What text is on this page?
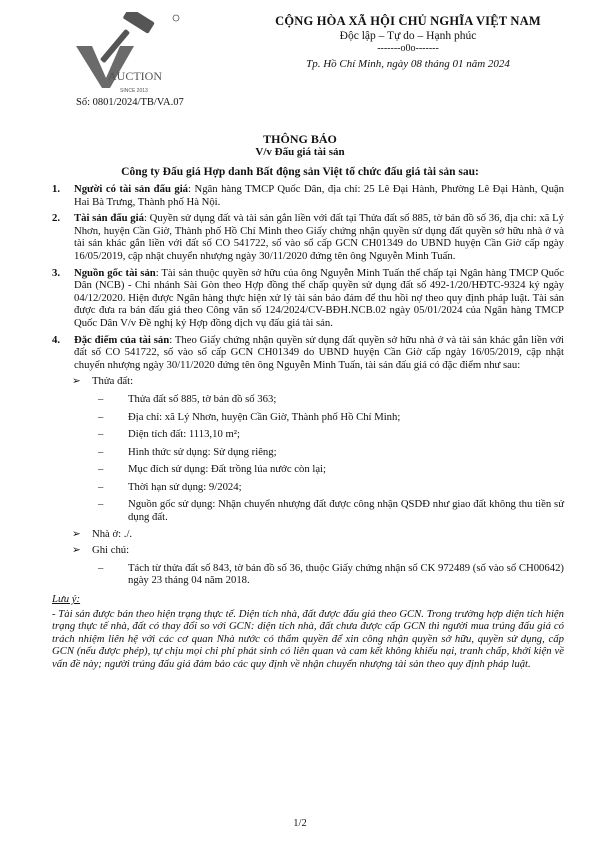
AUCTION
SINCE 2013
Số: 0801/2024/TB/VA.07
CỘNG HÒA XÃ HỘI CHỦ NGHĨA VIỆT NAM
Độc lập – Tự do – Hạnh phúc
-------o0o-------
Tp. Hồ Chí Minh, ngày 08 tháng 01 năm 2024
THÔNG BÁO
V/v Đấu giá tài sản
Công ty Đấu giá Hợp danh Bất động sản Việt tổ chức đấu giá tài sản sau:
1.	Người có tài sản đấu giá: Ngân hàng TMCP Quốc Dân, địa chỉ: 25 Lê Đại Hành, Phường Lê Đại Hành, Quận Hai Bà Trưng, Thành phố Hà Nội.
2.	Tài sản đấu giá: Quyền sử dụng đất và tài sản gắn liền với đất tại Thửa đất số 885, tờ bản đồ số 36, địa chỉ: xã Lý Nhơn, huyện Cần Giờ, Thành phố Hồ Chí Minh theo Giấy chứng nhận quyền sử dụng đất quyền sở hữu nhà ở và tài sản khác gắn liền với đất số CO 541722, số vào sổ cấp GCN CH01349 do UBND huyện Cần Giờ cấp ngày 16/05/2019, cập nhật chuyển nhượng ngày 30/11/2020 đứng tên ông Nguyễn Minh Tuấn.
3.	Nguồn gốc tài sản: Tài sản thuộc quyền sở hữu của ông Nguyễn Minh Tuấn thế chấp tại Ngân hàng TMCP Quốc Dân (NCB) - Chi nhánh Sài Gòn theo Hợp đồng thế chấp quyền sử dụng đất số 492-1/20/HĐTC-9324 ký ngày 04/12/2020. Hiện được Ngân hàng thực hiện xử lý tài sản bảo đảm để thu hồi nợ theo quy định pháp luật. Tài sản được đưa ra bán đấu giá theo Công văn số 124/2024/CV-BĐH.NCB.02 ngày 05/01/2024 của Ngân hàng TMCP Quốc Dân V/v Đề nghị ký Hợp đồng dịch vụ đấu giá tài sản.
4.	Đặc điểm của tài sản: Theo Giấy chứng nhận quyền sử dụng đất quyền sở hữu nhà ở và tài sản khác gắn liền với đất số CO 541722, số vào sổ cấp GCN CH01349 do UBND huyện Cần Giờ cấp ngày 16/05/2019, cập nhật chuyển nhượng ngày 30/11/2020 đứng tên ông Nguyễn Minh Tuấn, tài sản đấu giá có đặc điểm như sau:
➢	Thửa đất:
–	Thửa đất số 885, tờ bản đồ số 363;
–	Địa chỉ: xã Lý Nhơn, huyện Cần Giờ, Thành phố Hồ Chí Minh;
–	Diện tích đất: 1113,10 m²;
–	Hình thức sử dụng: Sử dụng riêng;
–	Mục đích sử dụng: Đất trồng lúa nước còn lại;
–	Thời hạn sử dụng: 9/2024;
–	Nguồn gốc sử dụng: Nhận chuyển nhượng đất được công nhận QSDĐ như giao đất không thu tiền sử dụng đất.
➢	Nhà ở: ./.
➢	Ghi chú:
–	Tách từ thửa đất số 843, tờ bản đồ số 36, thuộc Giấy chứng nhận số CK 972489 (số vào sổ CH00642) ngày 23 tháng 04 năm 2018.
Lưu ý:
- Tài sản được bán theo hiện trạng thực tế. Diện tích nhà, đất được đấu giá theo GCN. Trong trường hợp diện tích hiện trạng thực tế nhà, đất có thay đổi so với GCN: diện tích nhà, đất chưa được cấp GCN thì người mua trúng đấu giá có trách nhiệm liên hệ với các cơ quan Nhà nước có thẩm quyền để xin công nhận quyền sở hữu, quyền sử dụng, cấp GCN (nếu được phép), tự chịu mọi chi phí phát sinh có liên quan và cam kết không khiếu nại, tranh chấp, khởi kiện về vấn đề này; người trúng đấu giá đảm bảo các quy định về nhận chuyển nhượng tài sản theo quy định pháp luật.
1/2
